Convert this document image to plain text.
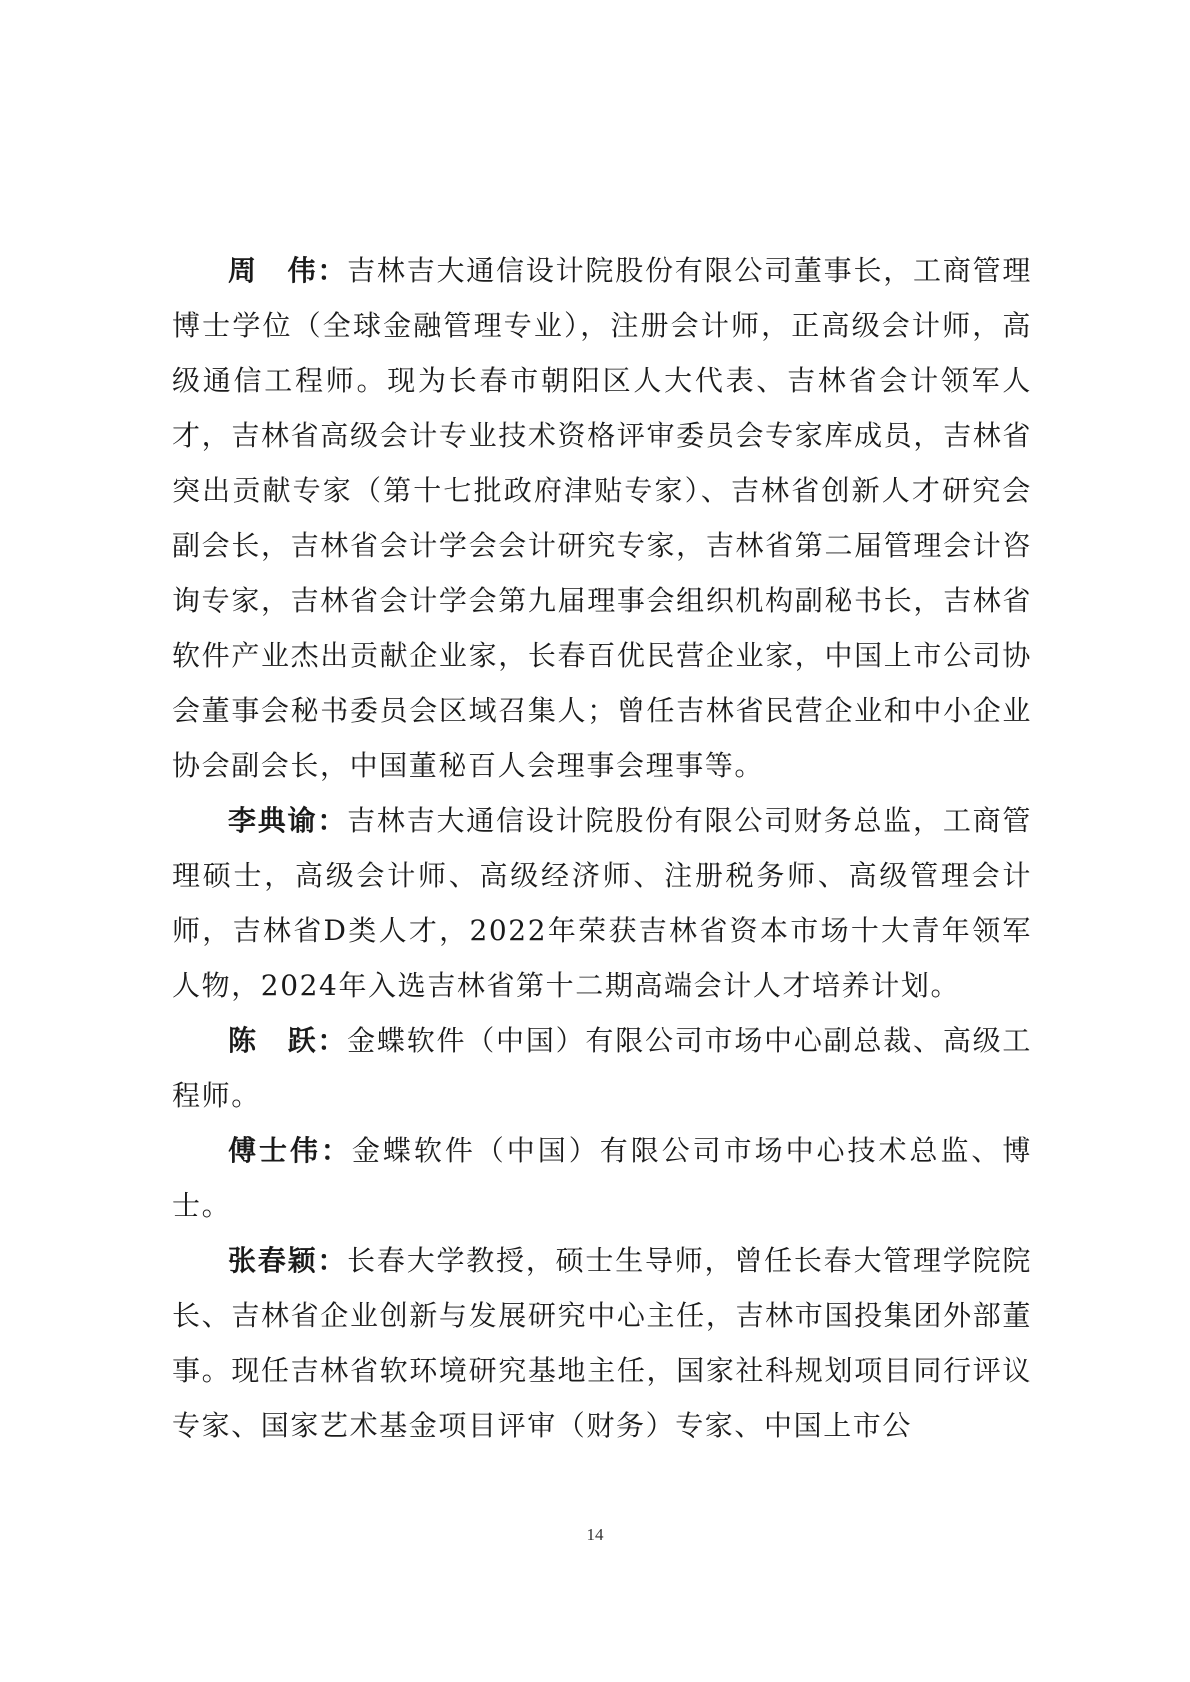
周　伟：吉林吉大通信设计院股份有限公司董事长，工商管理博士学位（全球金融管理专业），注册会计师，正高级会计师，高级通信工程师。现为长春市朝阳区人大代表、吉林省会计领军人才，吉林省高级会计专业技术资格评审委员会专家库成员，吉林省突出贡献专家（第十七批政府津贴专家）、吉林省创新人才研究会副会长，吉林省会计学会会计研究专家，吉林省第二届管理会计咨询专家，吉林省会计学会第九届理事会组织机构副秘书长，吉林省软件产业杰出贡献企业家，长春百优民营企业家，中国上市公司协会董事会秘书委员会区域召集人；曾任吉林省民营企业和中小企业协会副会长，中国董秘百人会理事会理事等。

李典谕：吉林吉大通信设计院股份有限公司财务总监，工商管理硕士，高级会计师、高级经济师、注册税务师、高级管理会计师，吉林省D类人才，2022年荣获吉林省资本市场十大青年领军人物，2024年入选吉林省第十二期高端会计人才培养计划。

陈　跃：金蝶软件（中国）有限公司市场中心副总裁、高级工程师。

傅士伟：金蝶软件（中国）有限公司市场中心技术总监、博士。

张春颖：长春大学教授，硕士生导师，曾任长春大管理学院院长、吉林省企业创新与发展研究中心主任，吉林市国投集团外部董事。现任吉林省软环境研究基地主任，国家社科规划项目同行评议专家、国家艺术基金项目评审（财务）专家、中国上市公

14
